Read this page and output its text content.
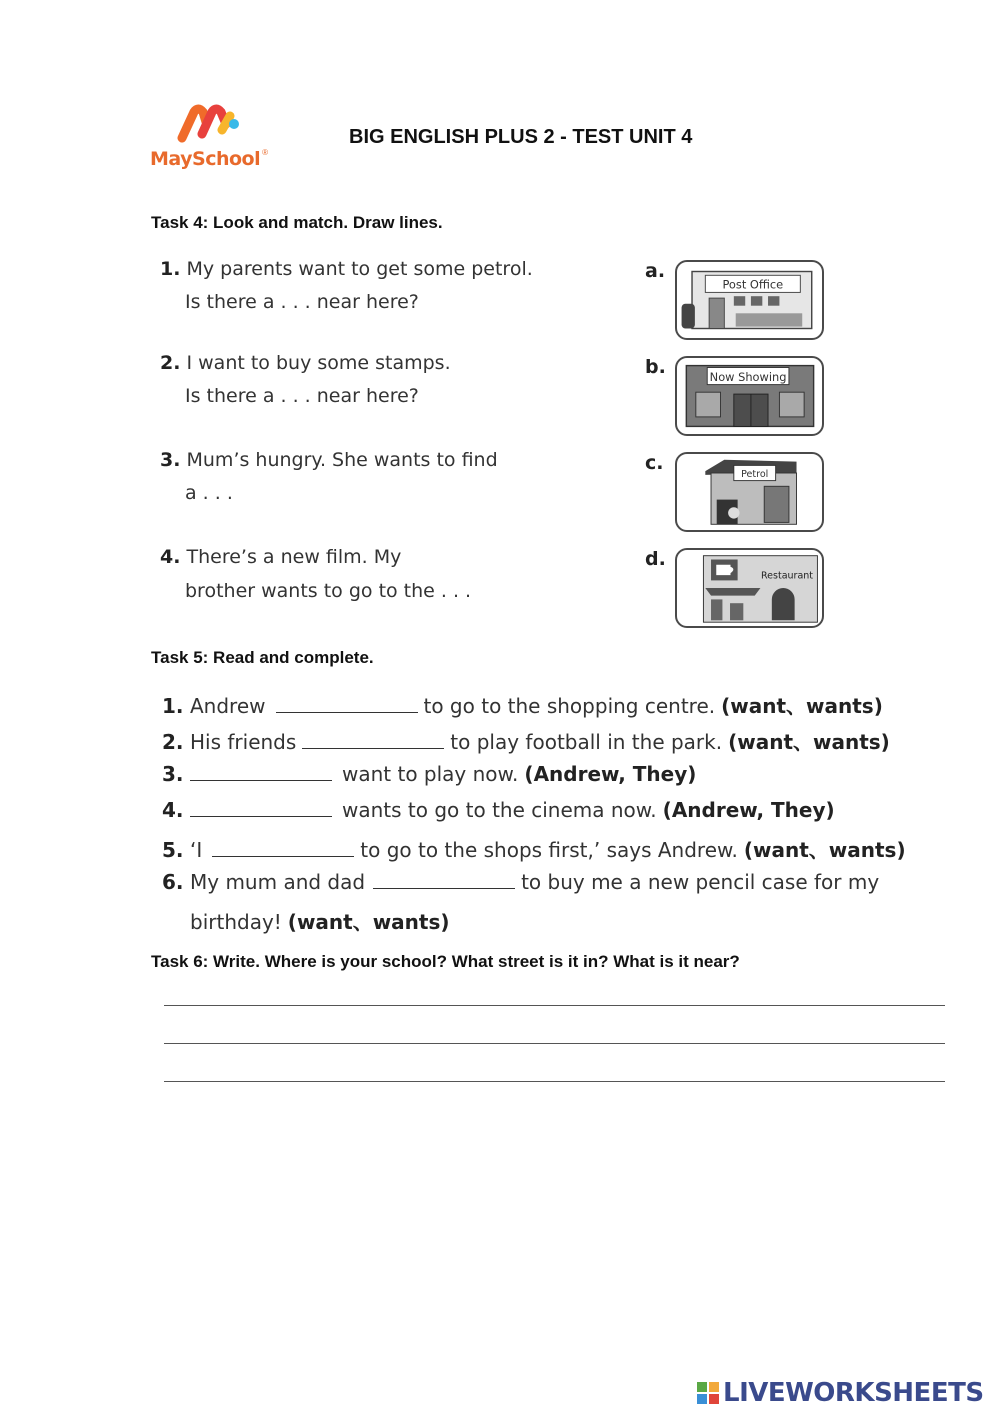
MaySchool ®
BIG ENGLISH PLUS 2 - TEST UNIT 4
Task 4: Look and match. Draw lines.
1. My parents want to get some petrol.
Is there a . . . near here?
2. I want to buy some stamps.
Is there a . . . near here?
3. Mum’s hungry. She wants to find
a . . .
4. There’s a new film. My
brother wants to go to the . . .
a.
Post Office
b.	Now Showing
c.
Petrol
d.
Restaurant
Task 5: Read and complete.
1. Andrew	to go to the shopping centre. (want、wants)
2. His friends	to play football in the park. (want、wants)
3.	want to play now. (Andrew, They)
4.	wants to go to the cinema now. (Andrew, They)
5. ‘I	to go to the shops first,’ says Andrew. (want、wants)
6. My mum and dad	to buy me a new pencil case for my
birthday! (want、wants)
Task 6: Write. Where is your school? What street is it in? What is it near?
LIVEWORKSHEETS
